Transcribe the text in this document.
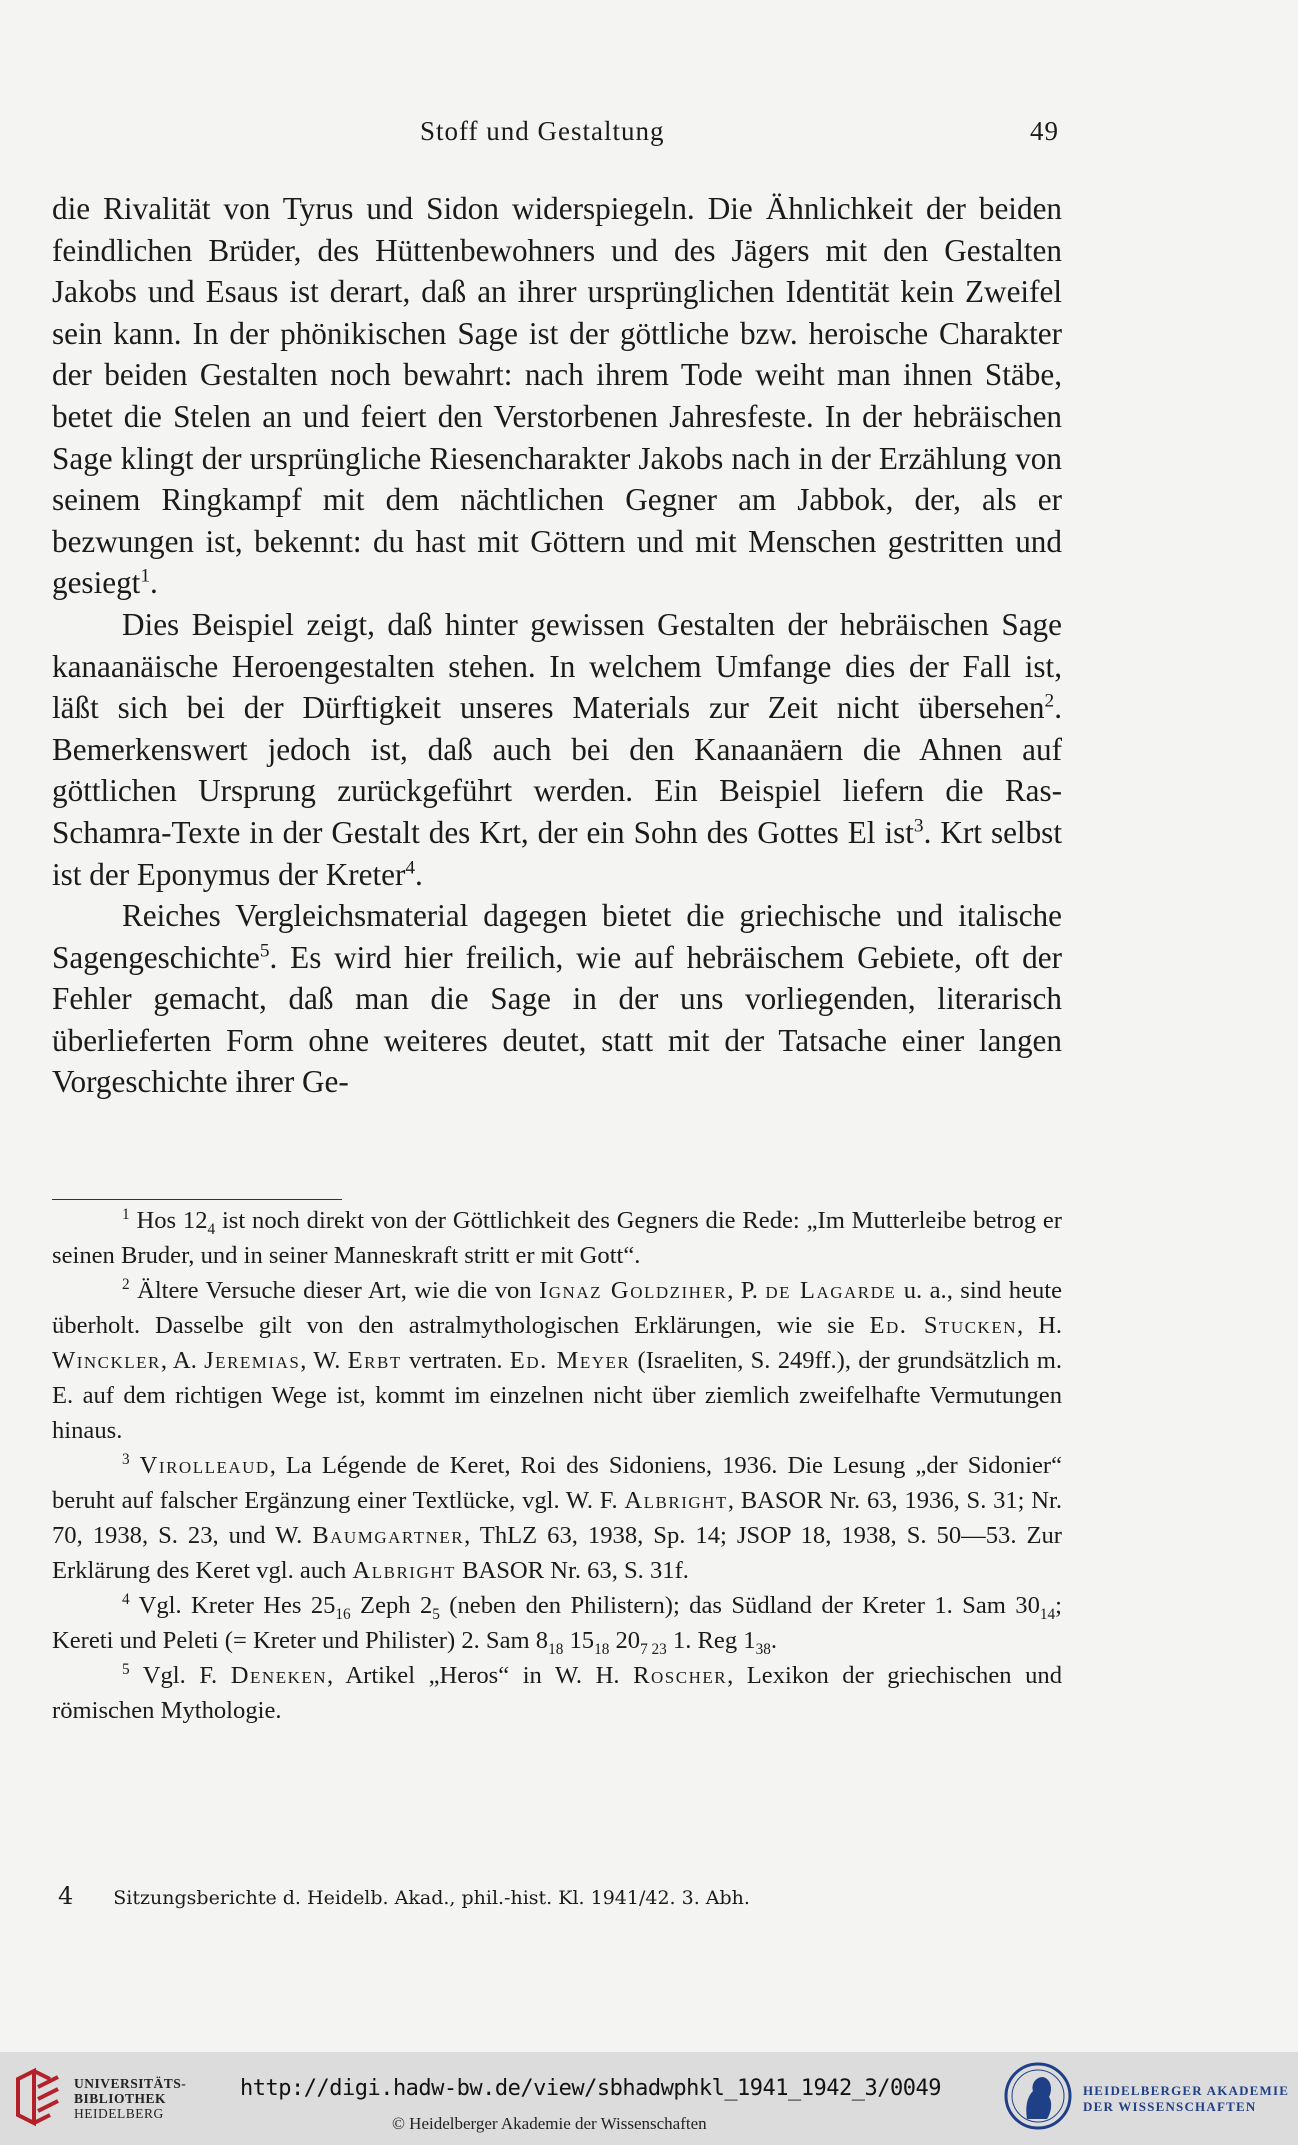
Stoff und Gestaltung	49

die Rivalität von Tyrus und Sidon widerspiegeln. Die Ähnlichkeit der beiden feindlichen Brüder, des Hüttenbewohners und des Jägers mit den Gestalten Jakobs und Esaus ist derart, daß an ihrer ursprünglichen Identität kein Zweifel sein kann. In der phönikischen Sage ist der göttliche bzw. heroische Charakter der beiden Gestalten noch bewahrt: nach ihrem Tode weiht man ihnen Stäbe, betet die Stelen an und feiert den Verstorbenen Jahresfeste. In der hebräischen Sage klingt der ursprüngliche Riesencharakter Jakobs nach in der Erzählung von seinem Ringkampf mit dem nächtlichen Gegner am Jabbok, der, als er bezwungen ist, bekennt: du hast mit Göttern und mit Menschen gestritten und gesiegt$^1$.

Dies Beispiel zeigt, daß hinter gewissen Gestalten der hebräischen Sage kanaanäische Heroengestalten stehen. In welchem Umfange dies der Fall ist, läßt sich bei der Dürftigkeit unseres Materials zur Zeit nicht übersehen$^2$. Bemerkenswert jedoch ist, daß auch bei den Kanaanäern die Ahnen auf göttlichen Ursprung zurückgeführt werden. Ein Beispiel liefern die Ras-Schamra-Texte in der Gestalt des Krt, der ein Sohn des Gottes El ist$^3$. Krt selbst ist der Eponymus der Kreter$^4$.

Reiches Vergleichsmaterial dagegen bietet die griechische und italische Sagengeschichte$^5$. Es wird hier freilich, wie auf hebräischem Gebiete, oft der Fehler gemacht, daß man die Sage in der uns vorliegenden, literarisch überlieferten Form ohne weiteres deutet, statt mit der Tatsache einer langen Vorgeschichte ihrer Ge-

$^1$ Hos $12_4$ ist noch direkt von der Göttlichkeit des Gegners die Rede: „Im Mutterleibe betrog er seinen Bruder, und in seiner Manneskraft stritt er mit Gott“.

$^2$ Ältere Versuche dieser Art, wie die von Ignaz Goldziher, P. de Lagarde u. a., sind heute überholt. Dasselbe gilt von den astralmythologischen Erklärungen, wie sie Ed. Stucken, H. Winckler, A. Jeremias, W. Erbt vertraten. Ed. Meyer (Israeliten, S. 249ff.), der grundsätzlich m. E. auf dem richtigen Wege ist, kommt im einzelnen nicht über ziemlich zweifelhafte Vermutungen hinaus.

$^3$ Virolleaud, La Légende de Keret, Roi des Sidoniens, 1936. Die Lesung „der Sidonier“ beruht auf falscher Ergänzung einer Textlücke, vgl. W. F. Albright, BASOR Nr. 63, 1936, S. 31; Nr. 70, 1938, S. 23, und W. Baumgartner, ThLZ 63, 1938, Sp. 14; JSOP 18, 1938, S. 50—53. Zur Erklärung des Keret vgl. auch Albright BASOR Nr. 63, S. 31f.

$^4$ Vgl. Kreter Hes $25_{16}$ Zeph $2_5$ (neben den Philistern); das Südland der Kreter 1. Sam $30_{14}$; Kereti und Peleti (= Kreter und Philister) 2. Sam $8_{18}$ $15_{18}$ $20_{7 23}$ 1. Reg $1_{38}$.

$^5$ Vgl. F. Deneken, Artikel „Heros“ in W. H. Roscher, Lexikon der griechischen und römischen Mythologie.

4 Sitzungsberichte d. Heidelb. Akad., phil.-hist. Kl. 1941/42. 3. Abh.
UNIVERSITÄTS-
BIBLIOTHEK
HEIDELBERG
http://digi.hadw-bw.de/view/sbhadwphkl_1941_1942_3/0049
© Heidelberger Akademie der Wissenschaften
HEIDELBERGER AKADEMIE
DER WISSENSCHAFTEN
